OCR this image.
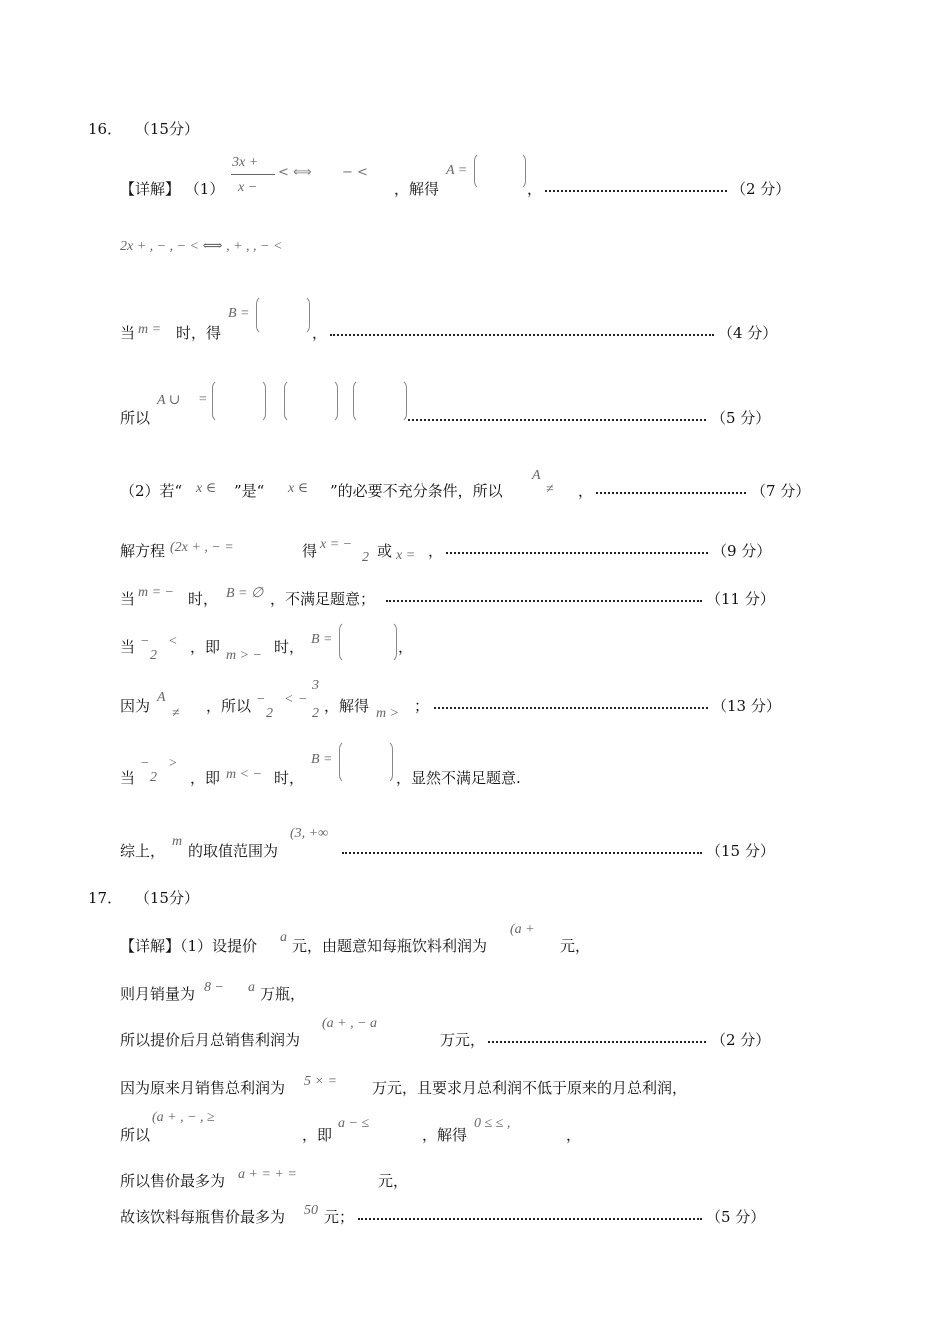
16． （15分）
【详解】 （1）
3x +
x −
< ⟺ − <
，解得
A =
，	（2 分）
2x + , − , − < ⟺ , + , , − <
当 m = 时，得
B =
，	（4 分）
所以
A ∪ =
（5 分）
（2）若“ x ∈ ”是“ x ∈ ”的必要不充分条件，所以
A
≠ ，	（7 分）
解方程 (2x + , − =	得 x = −
2 或 x = ，	（9 分）
当 m = − 时， B = ∅ ，不满足题意；	（11 分）
当 −
2
< ，即 m > − 时， B =	，
因为 A
≠ ，所以 −
2
< −
3
2 ，解得 m > ；	（13 分）
当
−
2
>
，即 m < − 时，
B =
，显然不满足题意.
综上，
m
的取值范围为
(3, +∞
（15 分）
17． （15分）
【详解】（1）设提价 a 元，由题意知每瓶饮料利润为
(a +
元，
则月销量为 8 − a 万瓶，
所以提价后月总销售利润为
(a + , − a
万元，	（2 分）
因为原来月销售总利润为 5 × = 万元，且要求月总利润不低于原来的月总利润，
所以
(a + , − , ≥
，即
a − ≤
，解得
0 ≤ ≤ ,
，
所以售价最多为 a + = + =	元，
故该饮料每瓶售价最多为 50 元；	（5 分）
